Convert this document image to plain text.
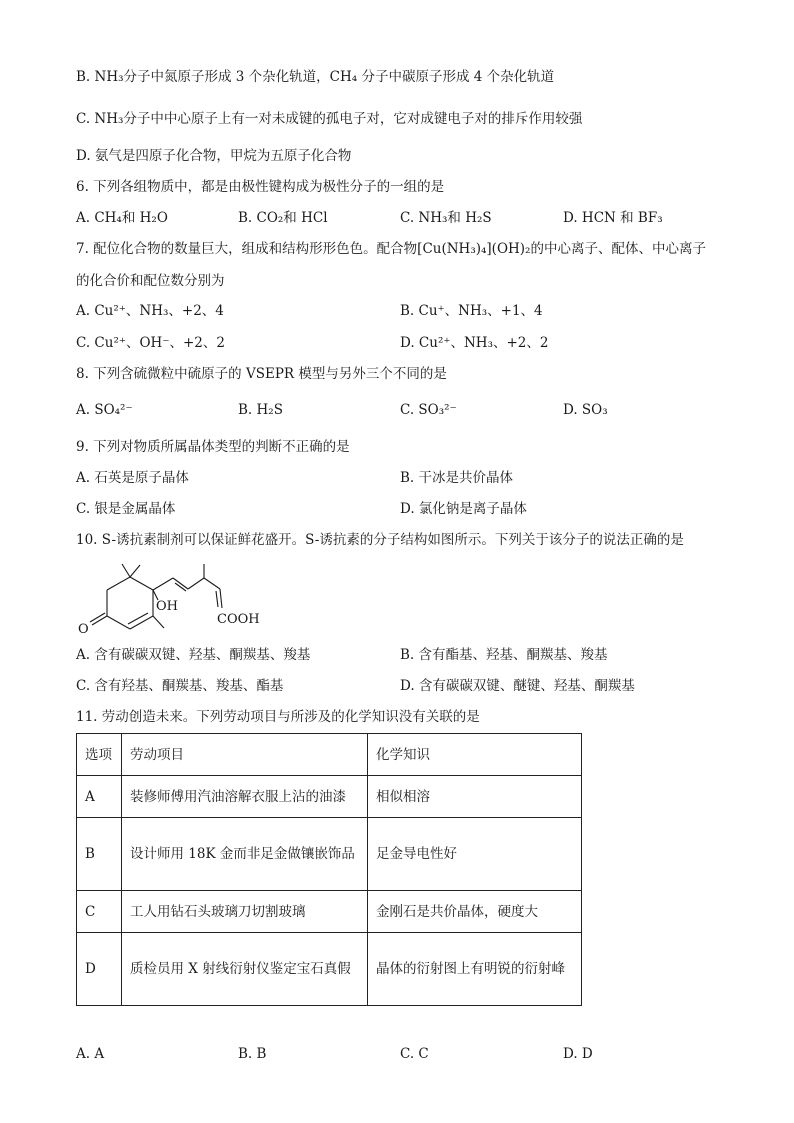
B. NH₃分子中氮原子形成 3 个杂化轨道，CH₄ 分子中碳原子形成 4 个杂化轨道
C. NH₃分子中中心原子上有一对未成键的孤电子对，它对成键电子对的排斥作用较强
D. 氨气是四原子化合物，甲烷为五原子化合物
6. 下列各组物质中，都是由极性键构成为极性分子的一组的是
A. CH₄和 H₂O	B. CO₂和 HCl	C. NH₃和 H₂S	D. HCN 和 BF₃
7. 配位化合物的数量巨大，组成和结构形形色色。配合物[Cu(NH₃)₄](OH)₂的中心离子、配体、中心离子
的化合价和配位数分别为
A. Cu²⁺、NH₃、+2、4	B. Cu⁺、NH₃、+1、4
C. Cu²⁺、OH⁻、+2、2	D. Cu²⁺、NH₃、+2、2
8. 下列含硫微粒中硫原子的 VSEPR 模型与另外三个不同的是
A. SO₄²⁻	B. H₂S	C. SO₃²⁻	D. SO₃
9. 下列对物质所属晶体类型的判断不正确的是
A. 石英是原子晶体	B. 干冰是共价晶体
C. 银是金属晶体	D. 氯化钠是离子晶体
10. S-诱抗素制剂可以保证鲜花盛开。S-诱抗素的分子结构如图所示。下列关于该分子的说法正确的是
OH
COOH
O
A. 含有碳碳双键、羟基、酮羰基、羧基	B. 含有酯基、羟基、酮羰基、羧基
C. 含有羟基、酮羰基、羧基、酯基	D. 含有碳碳双键、醚键、羟基、酮羰基
11. 劳动创造未来。下列劳动项目与所涉及的化学知识没有关联的是
选项	劳动项目	化学知识
A	装修师傅用汽油溶解衣服上沾的油漆	相似相溶
B	设计师用 18K 金而非足金做镶嵌饰品	足金导电性好
C	工人用钻石头玻璃刀切割玻璃	金刚石是共价晶体，硬度大
D	质检员用 X 射线衍射仪鉴定宝石真假	晶体的衍射图上有明锐的衍射峰
A. A	B. B	C. C	D. D
